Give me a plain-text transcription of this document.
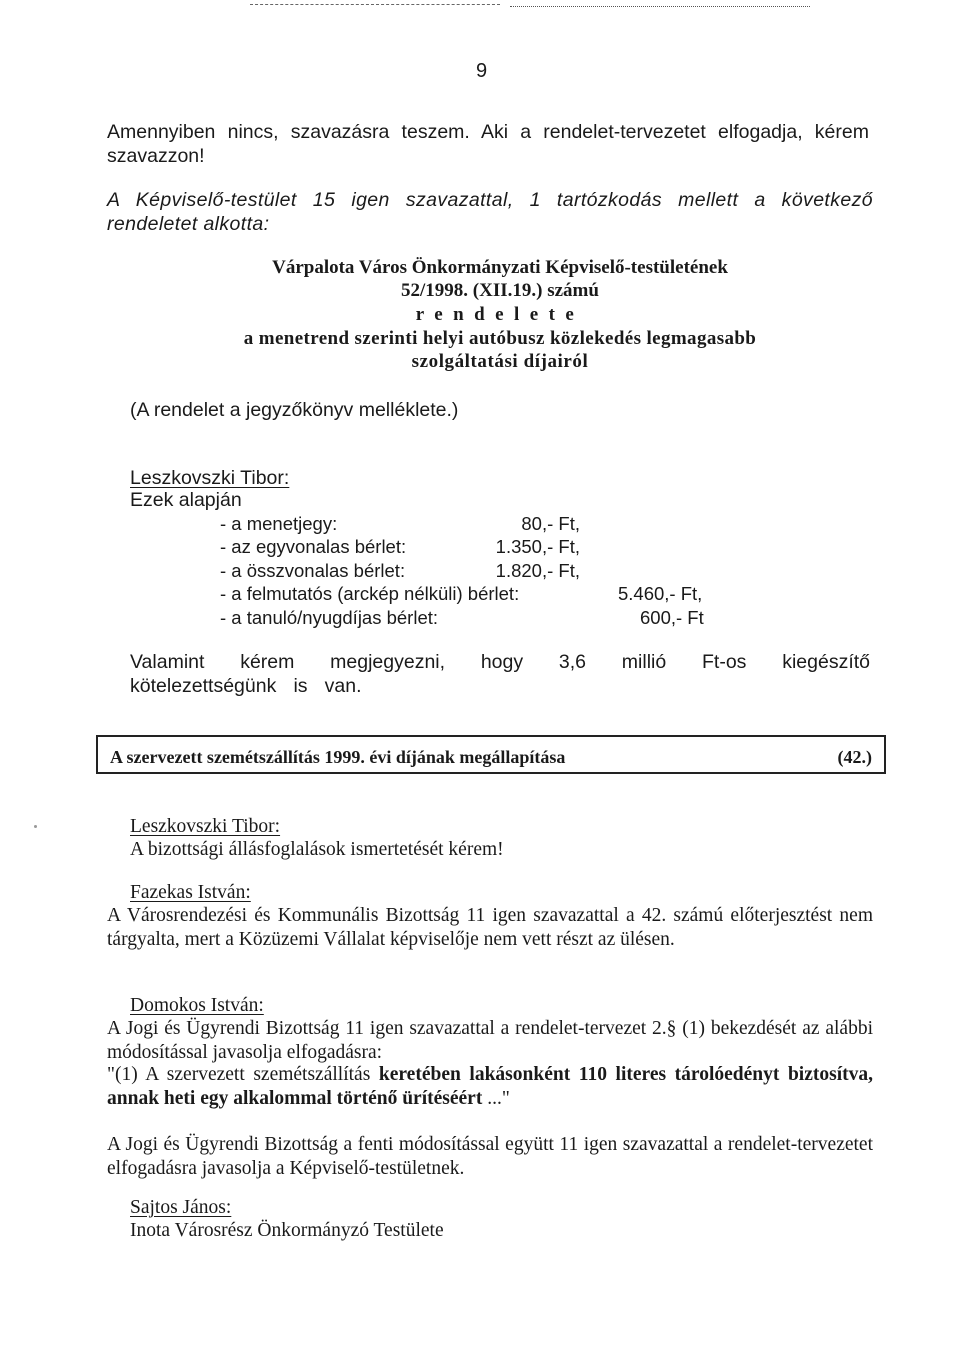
9
Amennyiben nincs, szavazásra teszem. Aki a rendelet-tervezetet elfogadja, kérem szavazzon!
A Képviselő-testület 15 igen szavazattal, 1 tartózkodás mellett a következő rendeletet alkotta:
Várpalota Város Önkormányzati Képviselő-testületének
52/1998. (XII.19.) számú
rendelete
a menetrend szerinti helyi autóbusz közlekedés legmagasabb
szolgáltatási díjairól
(A rendelet a jegyzőkönyv melléklete.)
Leszkovszki Tibor:
Ezek alapján
- a menetjegy:	80,- Ft,
- az egyvonalas bérlet:	1.350,- Ft,
- a összvonalas bérlet:	1.820,- Ft,
- a felmutatós (arckép nélküli) bérlet:	5.460,- Ft,
- a tanuló/nyugdíjas bérlet:	600,- Ft
Valamint kérem megjegyezni, hogy 3,6 millió Ft-os kiegészítő kötelezettségünk is van.
A szervezett szemétszállítás 1999. évi díjának megállapítása	(42.)
Leszkovszki Tibor:
A bizottsági állásfoglalások ismertetését kérem!
Fazekas István:
A Városrendezési és Kommunális Bizottság 11 igen szavazattal a 42. számú előterjesztést nem tárgyalta, mert a Közüzemi Vállalat képviselője nem vett részt az ülésen.
Domokos István:
A Jogi és Ügyrendi Bizottság 11 igen szavazattal a rendelet-tervezet 2.§ (1) bekezdését az alábbi módosítással javasolja elfogadásra:
"(1) A szervezett szemétszállítás keretében lakásonként 110 literes tárolóedényt biztosítva, annak heti egy alkalommal történő ürítéséért ..."
A Jogi és Ügyrendi Bizottság a fenti módosítással együtt 11 igen szavazattal a rendelet-tervezetet elfogadásra javasolja a Képviselő-testületnek.
Sajtos János:
Inota Városrész Önkormányzó Testülete
